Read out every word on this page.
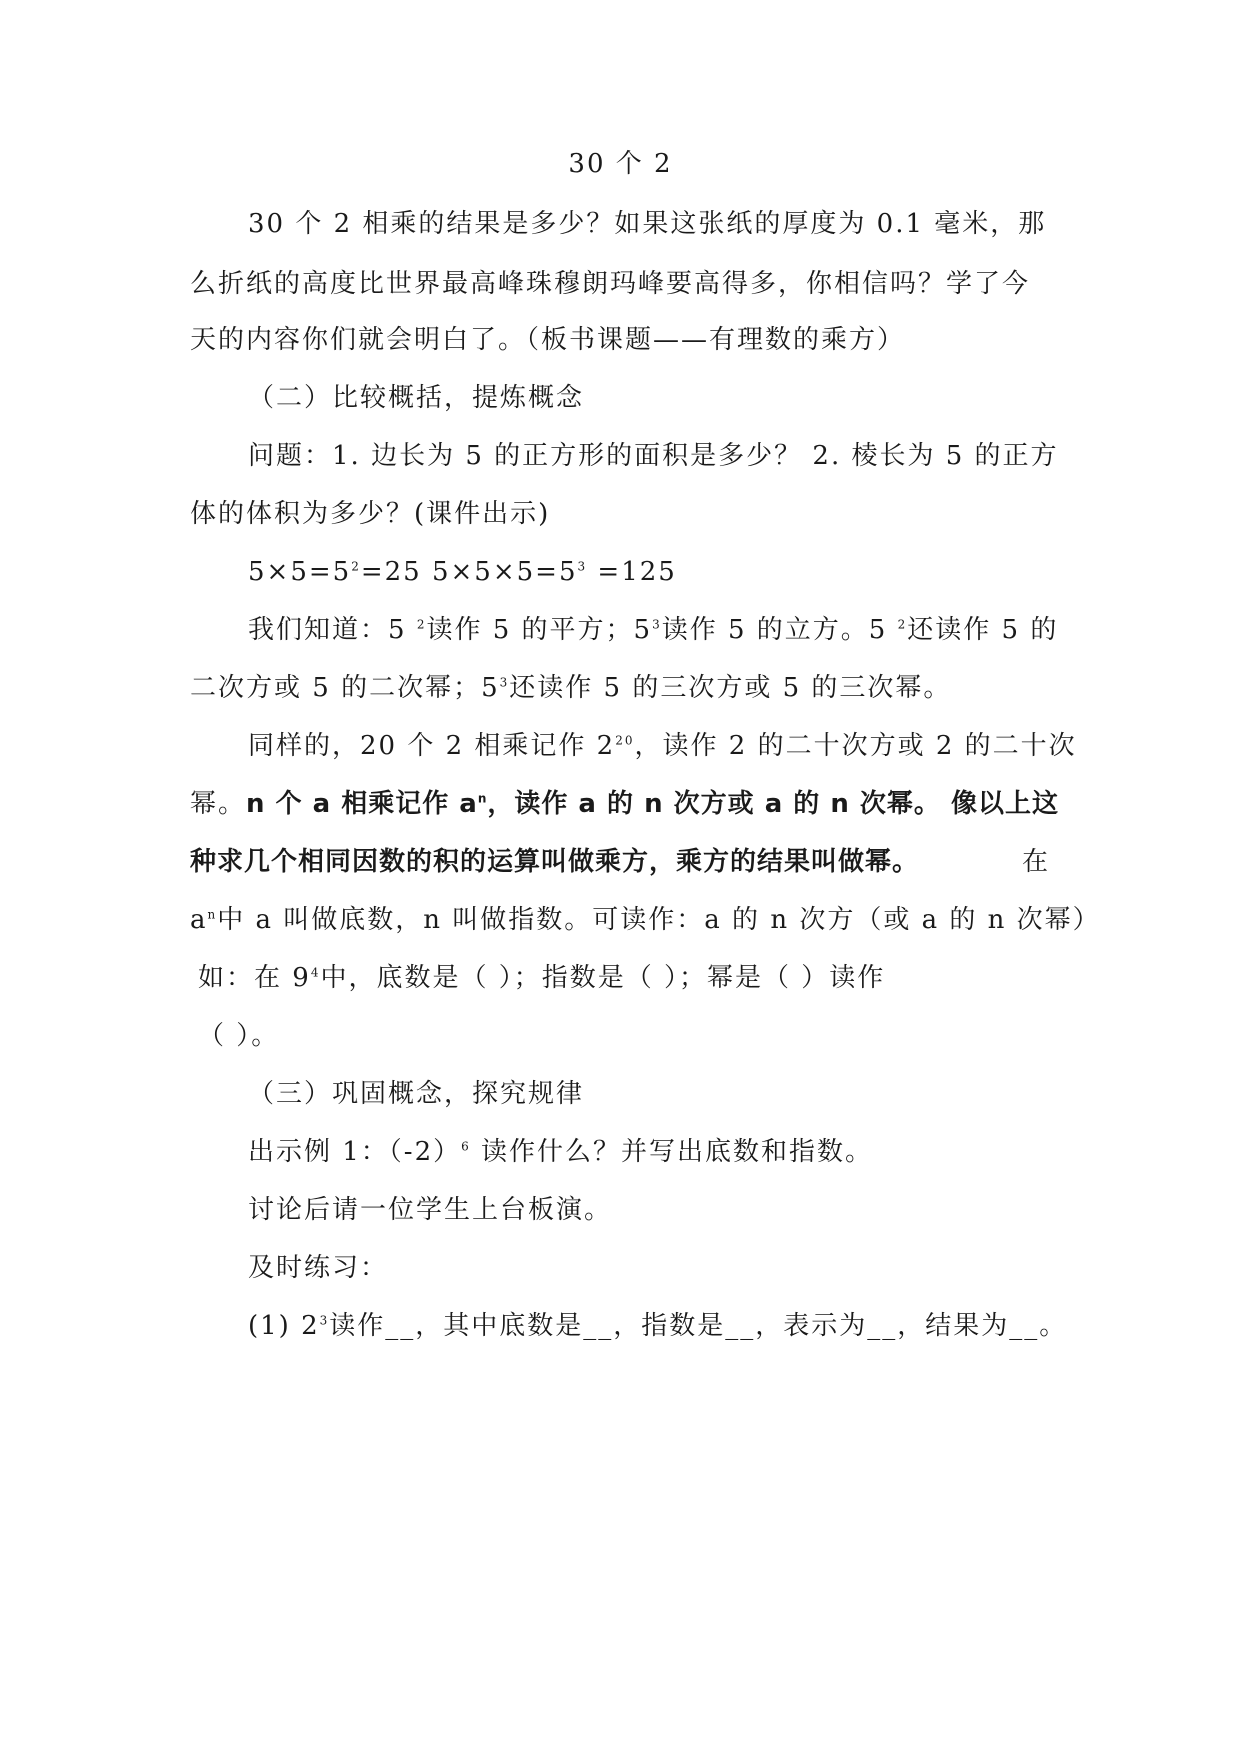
30 个 2
30 个 2 相乘的结果是多少？如果这张纸的厚度为 0.1 毫米，那
么折纸的高度比世界最高峰珠穆朗玛峰要高得多，你相信吗？学了今
天的内容你们就会明白了。（板书课题——有理数的乘方）
（二）比较概括，提炼概念
问题：1. 边长为 5 的正方形的面积是多少？ 2. 棱长为 5 的正方
体的体积为多少？(课件出示)
$5\times 5=5^2=25$ $5\times 5\times 5=5^3 =125$
我们知道：5 $^2$读作 5 的平方；$5^3$读作 5 的立方。5 $^2$还读作 5 的
二次方或 5 的二次幂；$5^3$还读作 5 的三次方或 5 的三次幂。
同样的，20 个 2 相乘记作 $2^{20}$，读作 2 的二十次方或 2 的二十次
幂。n 个 a 相乘记作 $a^n$，读作 a 的 n 次方或 a 的 n 次幂。 像以上这
种求几个相同因数的积的运算叫做乘方，乘方的结果叫做幂。	在
$a^n$中 a 叫做底数，n 叫做指数。可读作：a 的 n 次方（或 a 的 n 次幂）
如：在 $9^4$中，底数是（ ）；指数是（ ）；幂是（ ）读作
（ ）。
（三）巩固概念，探究规律
出示例 1：$(-2)^6$ 读作什么？并写出底数和指数。
讨论后请一位学生上台板演。
及时练习：
(1) $2^3$读作__，其中底数是__，指数是__，表示为__，结果为__。
